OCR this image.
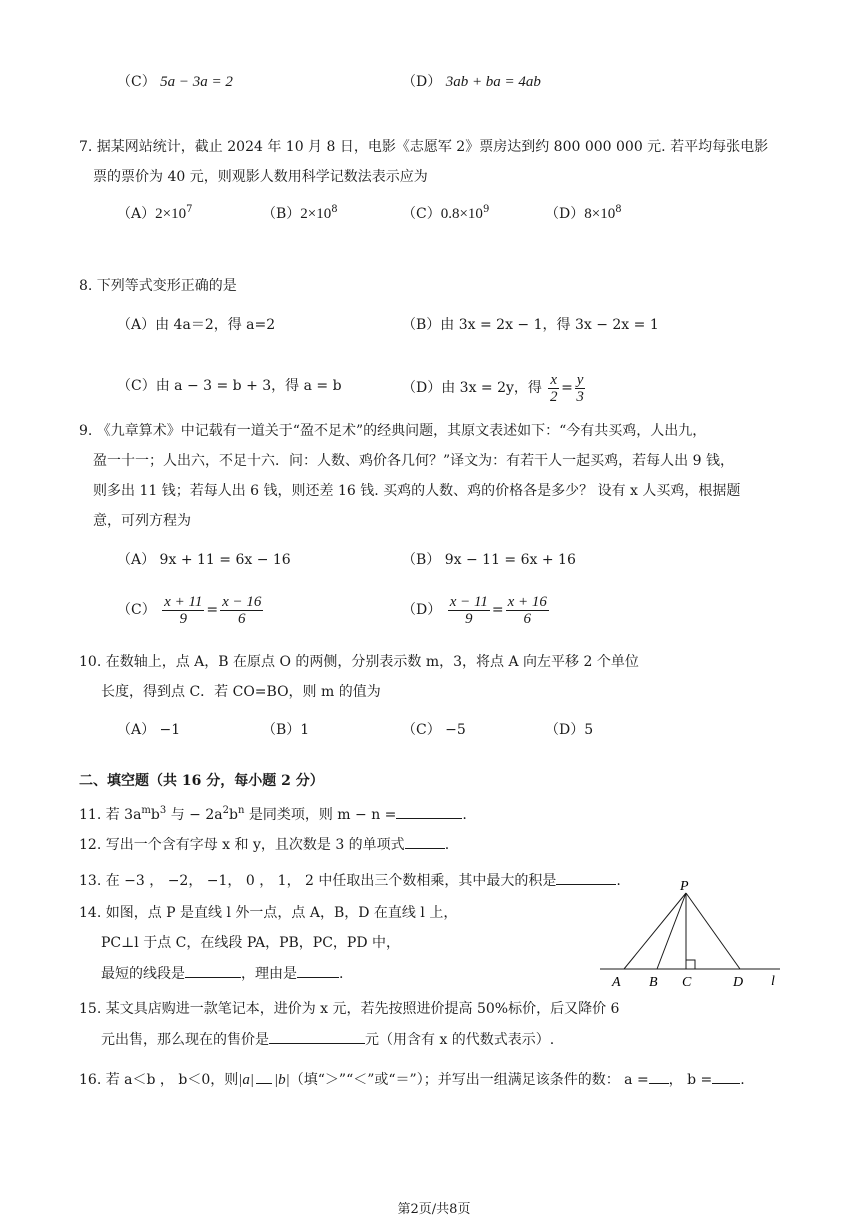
（C） 5a − 3a = 2	（D） 3ab + ba = 4ab
7. 据某网站统计，截止 2024 年 10 月 8 日，电影《志愿军 2》票房达到约 800 000 000 元. 若平均每张电影
票的票价为 40 元，则观影人数用科学记数法表示应为
$(A)2\times 10^7$	$(B)2\times 10^8$	$(C)0.8\times 10^9$	$(D)8\times 10^8$
8. 下列等式变形正确的是
（A）由 4a＝2，得 a=2	（B）由 3x = 2x − 1，得 3x − 2x = 1
（C）由 a − 3 = b + 3，得 a = b	（D）由 3x = 2y，得 $\frac{x}{2} = \frac{y}{3}$
9. 《九章算术》中记载有一道关于“盈不足术”的经典问题，其原文表述如下：“今有共买鸡，人出九，
盈一十一；人出六，不足十六．问：人数、鸡价各几何？”译文为：有若干人一起买鸡，若每人出 9 钱，
则多出 11 钱；若每人出 6 钱，则还差 16 钱. 买鸡的人数、鸡的价格各是多少？ 设有 x 人买鸡，根据题
意，可列方程为
（A） 9x + 11 = 6x − 16	（B） 9x − 11 = 6x + 16
$(C) \frac{x + 11}{9} = \frac{x - 16}{6}$	$(D) \frac{x - 11}{9} = \frac{x + 16}{6}$
10. 在数轴上，点 A，B 在原点 O 的两侧，分别表示数 m，3，将点 A 向左平移 2 个单位
长度，得到点 C．若 CO=BO，则 m 的值为
（A） −1	（B）1	（C） −5	（D）5
二、填空题（共 16 分，每小题 2 分）
11. 若 $3a^mb^3$ 与 − $2a^2b^n$ 是同类项，则 m − n =	.
12. 写出一个含有字母 x 和 y，且次数是 3 的单项式	.
13. 在 −3 ， −2， −1， 0 ， 1， 2 中任取出三个数相乘，其中最大的积是	.
14. 如图，点 P 是直线 l 外一点，点 A，B，D 在直线 l 上，
PC⊥l 于点 C，在线段 PA，PB，PC，PD 中，
最短的线段是	，理由是	.
P
A B C	D l
15. 某文具店购进一款笔记本，进价为 x 元，若先按照进价提高 50%标价，后又降价 6
元出售，那么现在的售价是	元（用含有 x 的代数式表示）.
16. 若 a＜b ， b＜0，则|a| |b|（填“＞”“＜”或“＝”）；并写出一组满足该条件的数： a = ， b = .
第2页/共8页
